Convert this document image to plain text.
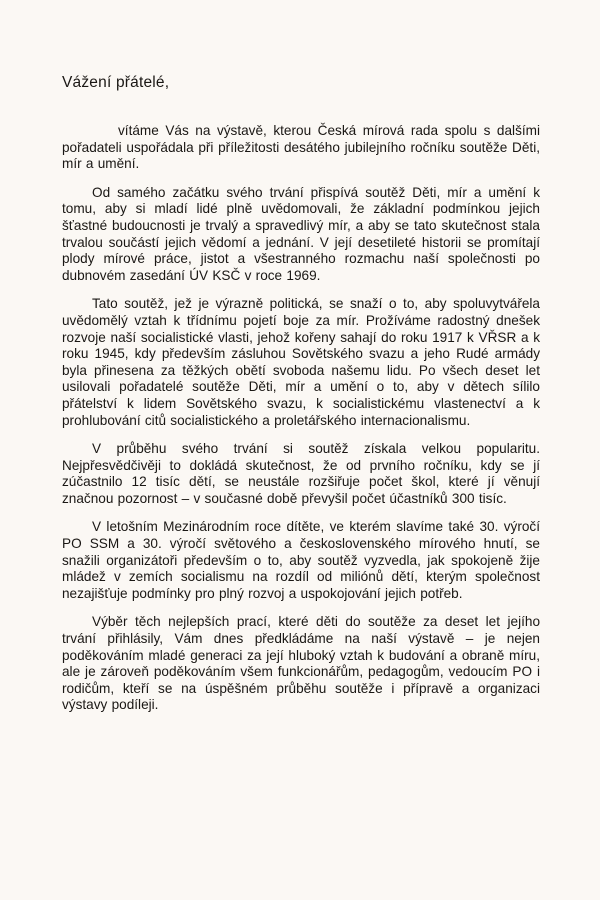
Vážení přátelé,

vítáme Vás na výstavě, kterou Česká mírová rada spolu s dalšími pořadateli uspořádala při příležitosti desátého jubilejního ročníku soutěže Děti, mír a umění.

Od samého začátku svého trvání přispívá soutěž Děti, mír a umění k tomu, aby si mladí lidé plně uvědomovali, že základní podmínkou jejich šťastné budoucnosti je trvalý a spravedlivý mír, a aby se tato skutečnost stala trvalou součástí jejich vědomí a jednání. V její desetileté historii se promítají plody mírové práce, jistot a všestranného rozmachu naší společnosti po dubnovém zasedání ÚV KSČ v roce 1969.

Tato soutěž, jež je výrazně politická, se snaží o to, aby spoluvytvářela uvědomělý vztah k třídnímu pojetí boje za mír. Prožíváme radostný dnešek rozvoje naší socialistické vlasti, jehož kořeny sahají do roku 1917 k VŘSR a k roku 1945, kdy především zásluhou Sovětského svazu a jeho Rudé armády byla přinesena za těžkých obětí svoboda našemu lidu. Po všech deset let usilovali pořadatelé soutěže Děti, mír a umění o to, aby v dětech sílilo přátelství k lidem Sovětského svazu, k socialistickému vlastenectví a k prohlubování citů socialistického a proletářského internacionalismu.

V průběhu svého trvání si soutěž získala velkou popularitu. Nejpřesvědčivěji to dokládá skutečnost, že od prvního ročníku, kdy se jí zúčastnilo 12 tisíc dětí, se neustále rozšiřuje počet škol, které jí věnují značnou pozornost – v současné době převyšil počet účastníků 300 tisíc.

V letošním Mezinárodním roce dítěte, ve kterém slavíme také 30. výročí PO SSM a 30. výročí světového a československého mírového hnutí, se snažili organizátoři především o to, aby soutěž vyzvedla, jak spokojeně žije mládež v zemích socialismu na rozdíl od miliónů dětí, kterým společnost nezajišťuje podmínky pro plný rozvoj a uspokojování jejich potřeb.

Výběr těch nejlepších prací, které děti do soutěže za deset let jejího trvání přihlásily, Vám dnes předkládáme na naší výstavě – je nejen poděkováním mladé generaci za její hluboký vztah k budování a obraně míru, ale je zároveň poděkováním všem funkcionářům, pedagogům, vedoucím PO i rodičům, kteří se na úspěšném průběhu soutěže i přípravě a organizaci výstavy podíleji.
